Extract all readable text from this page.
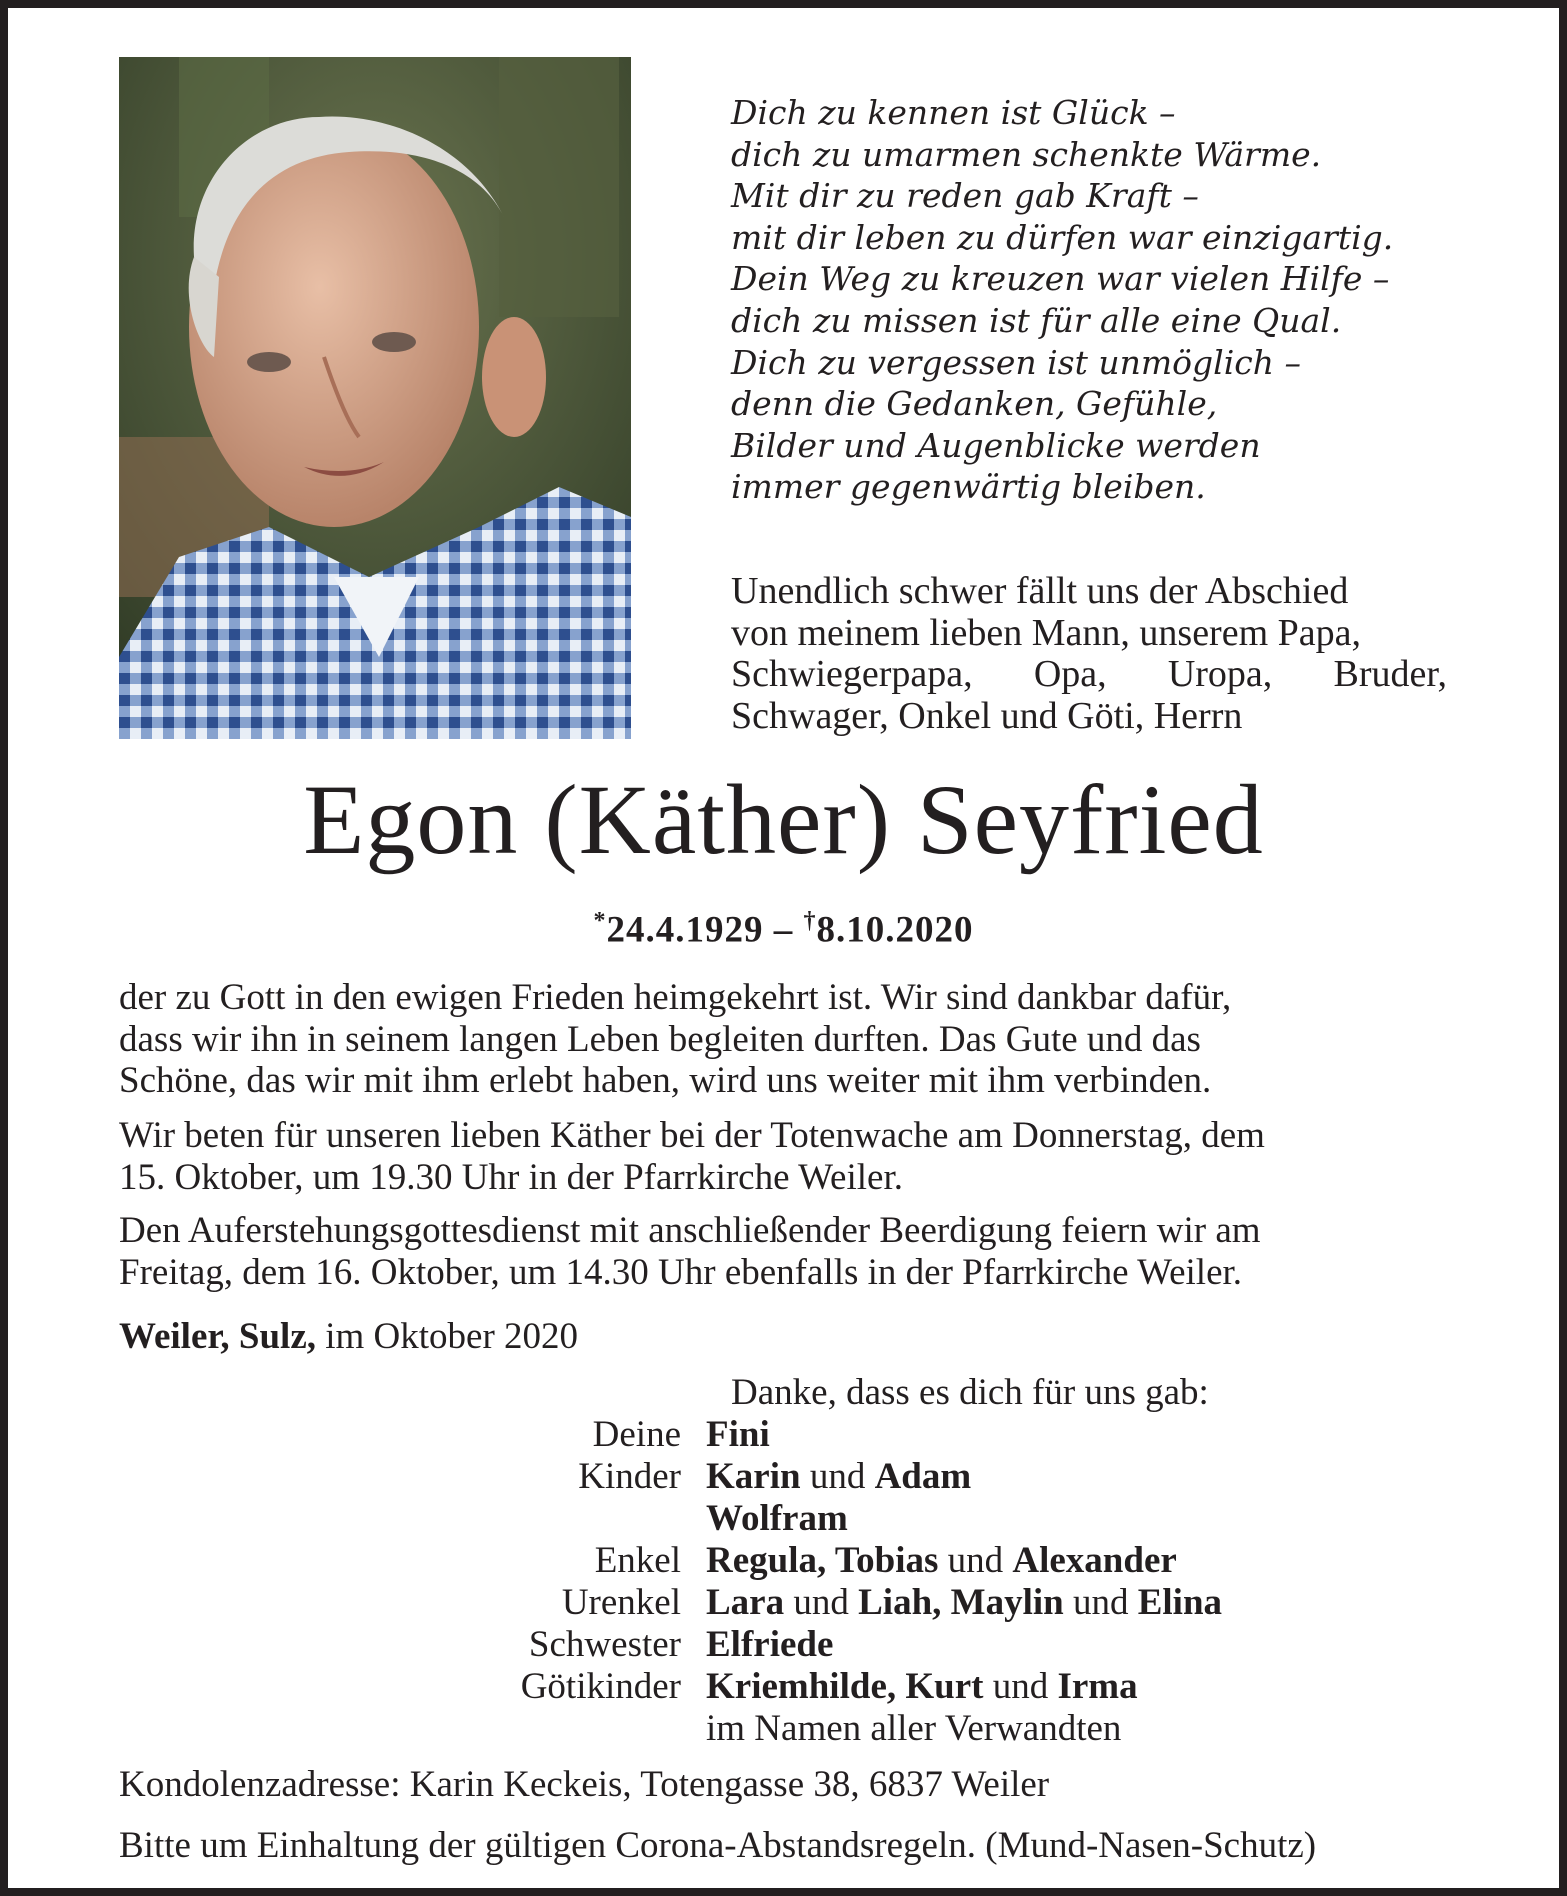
Dich zu kennen ist Glück –
dich zu umarmen schenkte Wärme.
Mit dir zu reden gab Kraft –
mit dir leben zu dürfen war einzigartig.
Dein Weg zu kreuzen war vielen Hilfe –
dich zu missen ist für alle eine Qual.
Dich zu vergessen ist unmöglich –
denn die Gedanken, Gefühle,
Bilder und Augenblicke werden
immer gegenwärtig bleiben.
Unendlich schwer fällt uns der Abschied
von meinem lieben Mann, unserem Papa,
Schwiegerpapa, Opa, Uropa, Bruder,
Schwager, Onkel und Göti, Herrn
Egon (Käther) Seyfried
*24.4.1929 – †8.10.2020
der zu Gott in den ewigen Frieden heimgekehrt ist. Wir sind dankbar dafür,
dass wir ihn in seinem langen Leben begleiten durften. Das Gute und das
Schöne, das wir mit ihm erlebt haben, wird uns weiter mit ihm verbinden.
Wir beten für unseren lieben Käther bei der Totenwache am Donnerstag, dem
15. Oktober, um 19.30 Uhr in der Pfarrkirche Weiler.
Den Auferstehungsgottesdienst mit anschließender Beerdigung feiern wir am
Freitag, dem 16. Oktober, um 14.30 Uhr ebenfalls in der Pfarrkirche Weiler.
Weiler, Sulz, im Oktober 2020
Danke, dass es dich für uns gab:
Deine Fini
Kinder Karin und Adam
Wolfram
Enkel Regula, Tobias und Alexander
Urenkel Lara und Liah, Maylin und Elina
Schwester Elfriede
Götikinder Kriemhilde, Kurt und Irma
im Namen aller Verwandten
Kondolenzadresse: Karin Keckeis, Totengasse 38, 6837 Weiler
Bitte um Einhaltung der gültigen Corona-Abstandsregeln. (Mund-Nasen-Schutz)
